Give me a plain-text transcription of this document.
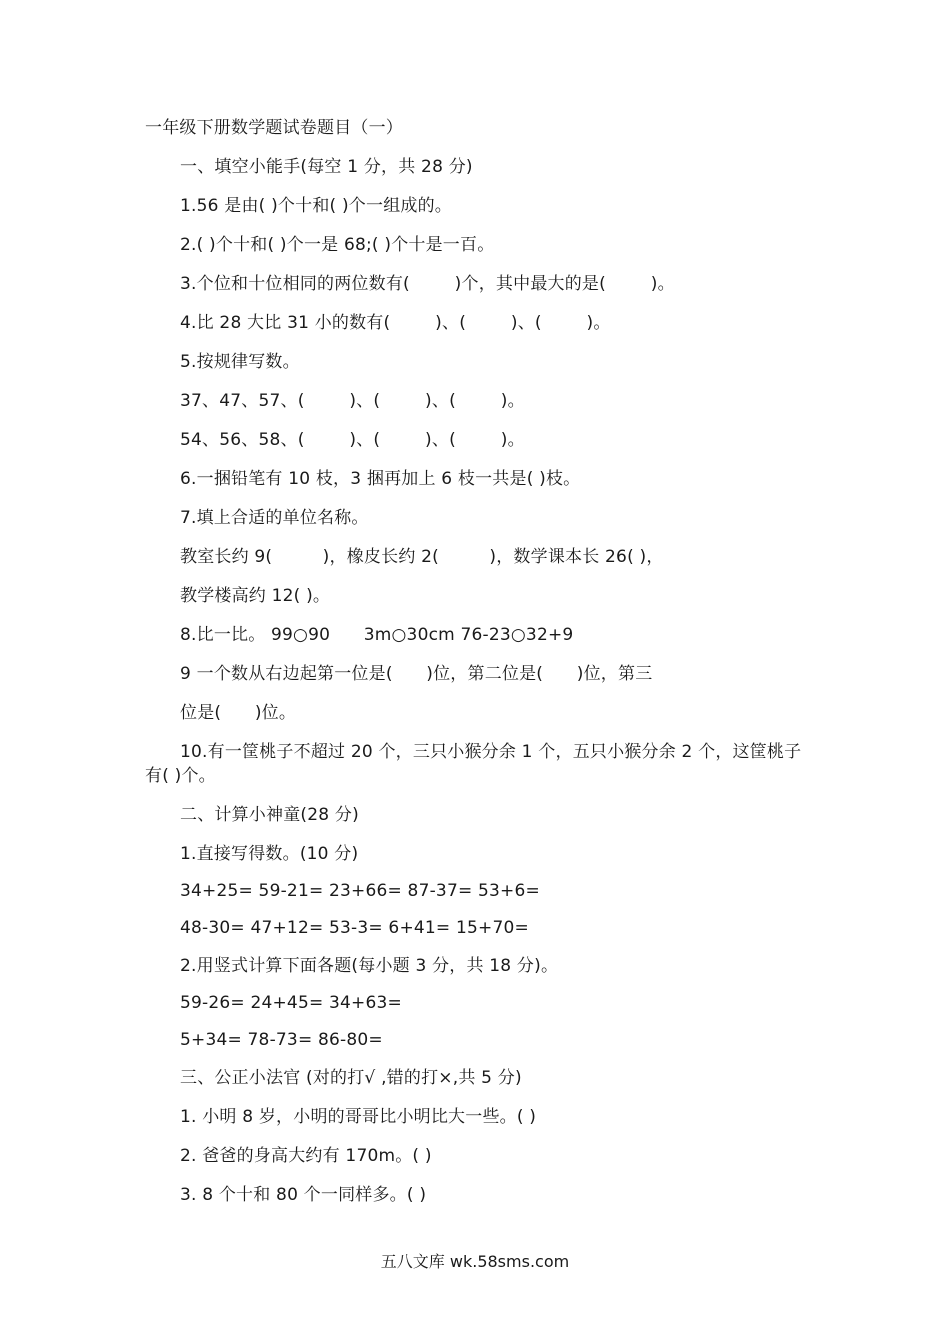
一年级下册数学题试卷题目（一）
一、填空小能手(每空 1 分，共 28 分)
1.56 是由( )个十和( )个一组成的。
2.( )个十和( )个一是 68;( )个十是一百。
3.个位和十位相同的两位数有(        )个，其中最大的是(        )。
4.比 28 大比 31 小的数有(        )、(        )、(        )。
5.按规律写数。
37、47、57、(        )、(        )、(        )。
54、56、58、(        )、(        )、(        )。
6.一捆铅笔有 10 枝，3 捆再加上 6 枝一共是( )枝。
7.填上合适的单位名称。
教室长约 9(         )，橡皮长约 2(         )，数学课本长 26( )，
教学楼高约 12( )。
8.比一比。 99○90      3m○30cm 76-23○32+9
9 一个数从右边起第一位是(      )位，第二位是(      )位，第三
位是(      )位。
10.有一筐桃子不超过 20 个，三只小猴分余 1 个，五只小猴分余 2 个，这筐桃子
有( )个。
二、计算小神童(28 分)
1.直接写得数。(10 分)
34+25= 59-21= 23+66= 87-37= 53+6=
48-30= 47+12= 53-3= 6+41= 15+70=
2.用竖式计算下面各题(每小题 3 分，共 18 分)。
59-26= 24+45= 34+63=
5+34= 78-73= 86-80=
三、公正小法官 (对的打√ ,错的打×,共 5 分)
1. 小明 8 岁，小明的哥哥比小明比大一些。( )
2. 爸爸的身高大约有 170m。( )
3. 8 个十和 80 个一同样多。( )
五八文库 wk.58sms.com
